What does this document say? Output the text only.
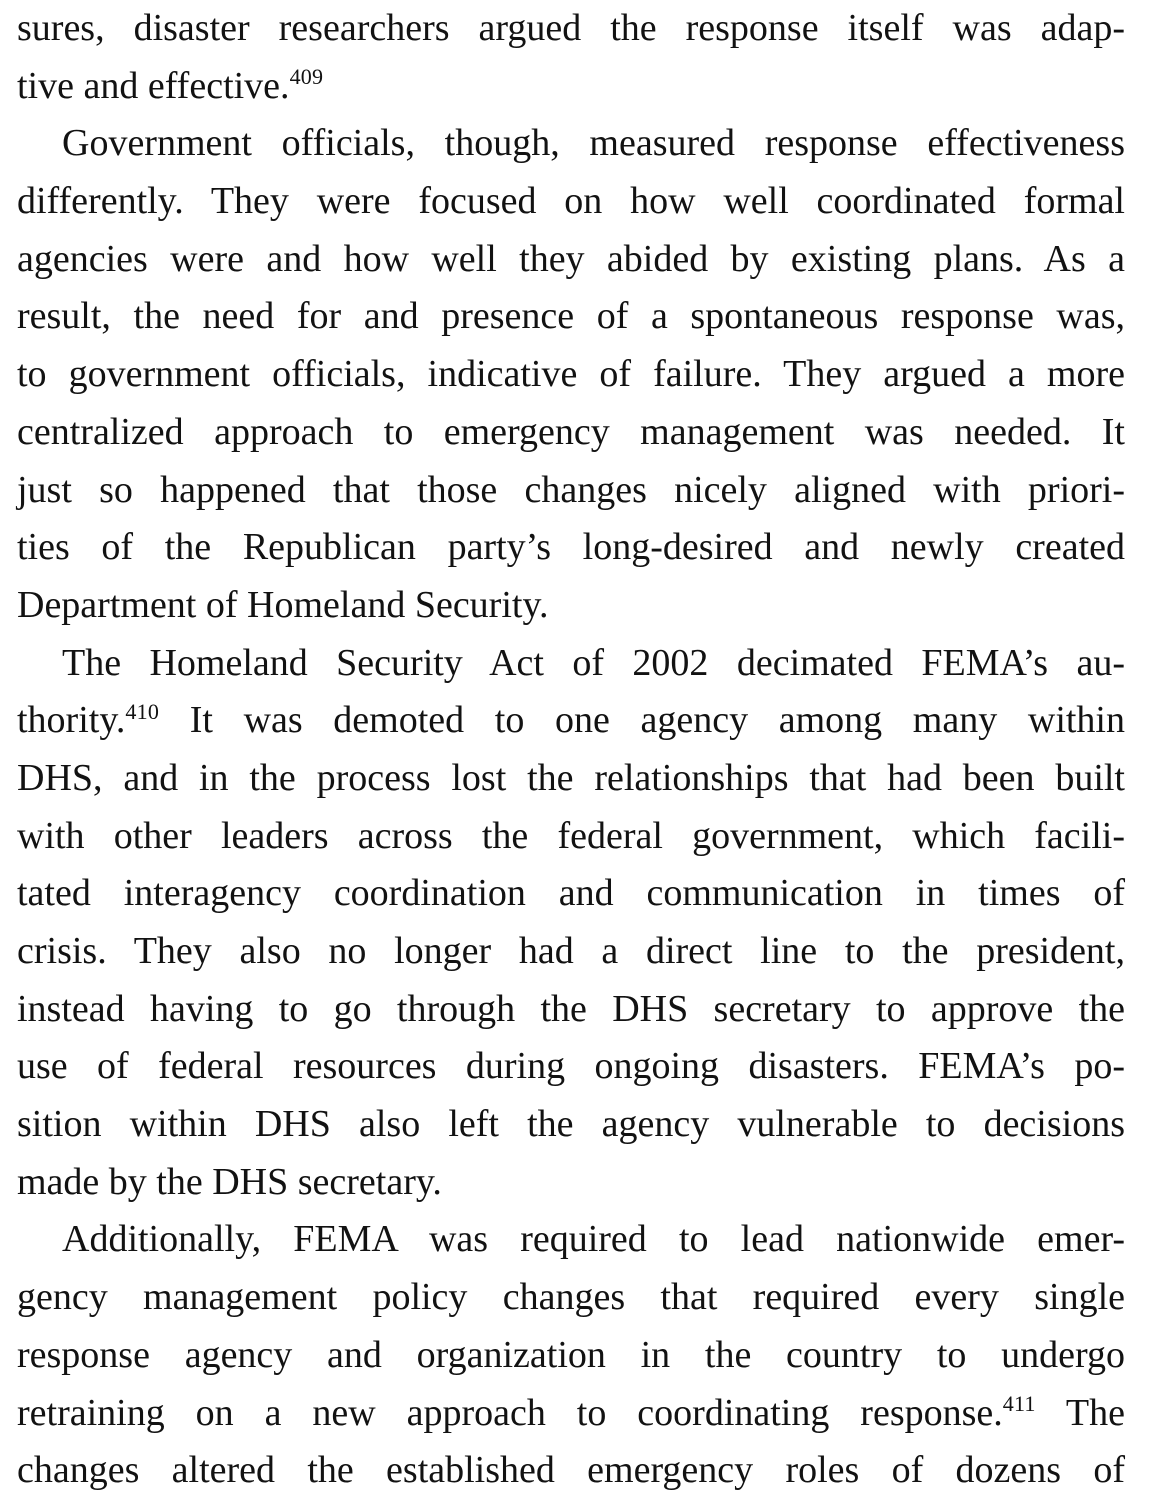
sures, disaster researchers argued the response itself was adap-
tive and effective.$^{409}$
Government officials, though, measured response effectiveness
differently. They were focused on how well coordinated formal
agencies were and how well they abided by existing plans. As a
result, the need for and presence of a spontaneous response was,
to government officials, indicative of failure. They argued a more
centralized approach to emergency management was needed. It
just so happened that those changes nicely aligned with priori-
ties of the Republican party’s long-desired and newly created
Department of Homeland Security.
The Homeland Security Act of 2002 decimated FEMA’s au-
thority.$^{410}$ It was demoted to one agency among many within
DHS, and in the process lost the relationships that had been built
with other leaders across the federal government, which facili-
tated interagency coordination and communication in times of
crisis. They also no longer had a direct line to the president,
instead having to go through the DHS secretary to approve the
use of federal resources during ongoing disasters. FEMA’s po-
sition within DHS also left the agency vulnerable to decisions
made by the DHS secretary.
Additionally, FEMA was required to lead nationwide emer-
gency management policy changes that required every single
response agency and organization in the country to undergo
retraining on a new approach to coordinating response.$^{411}$ The
changes altered the established emergency roles of dozens of
